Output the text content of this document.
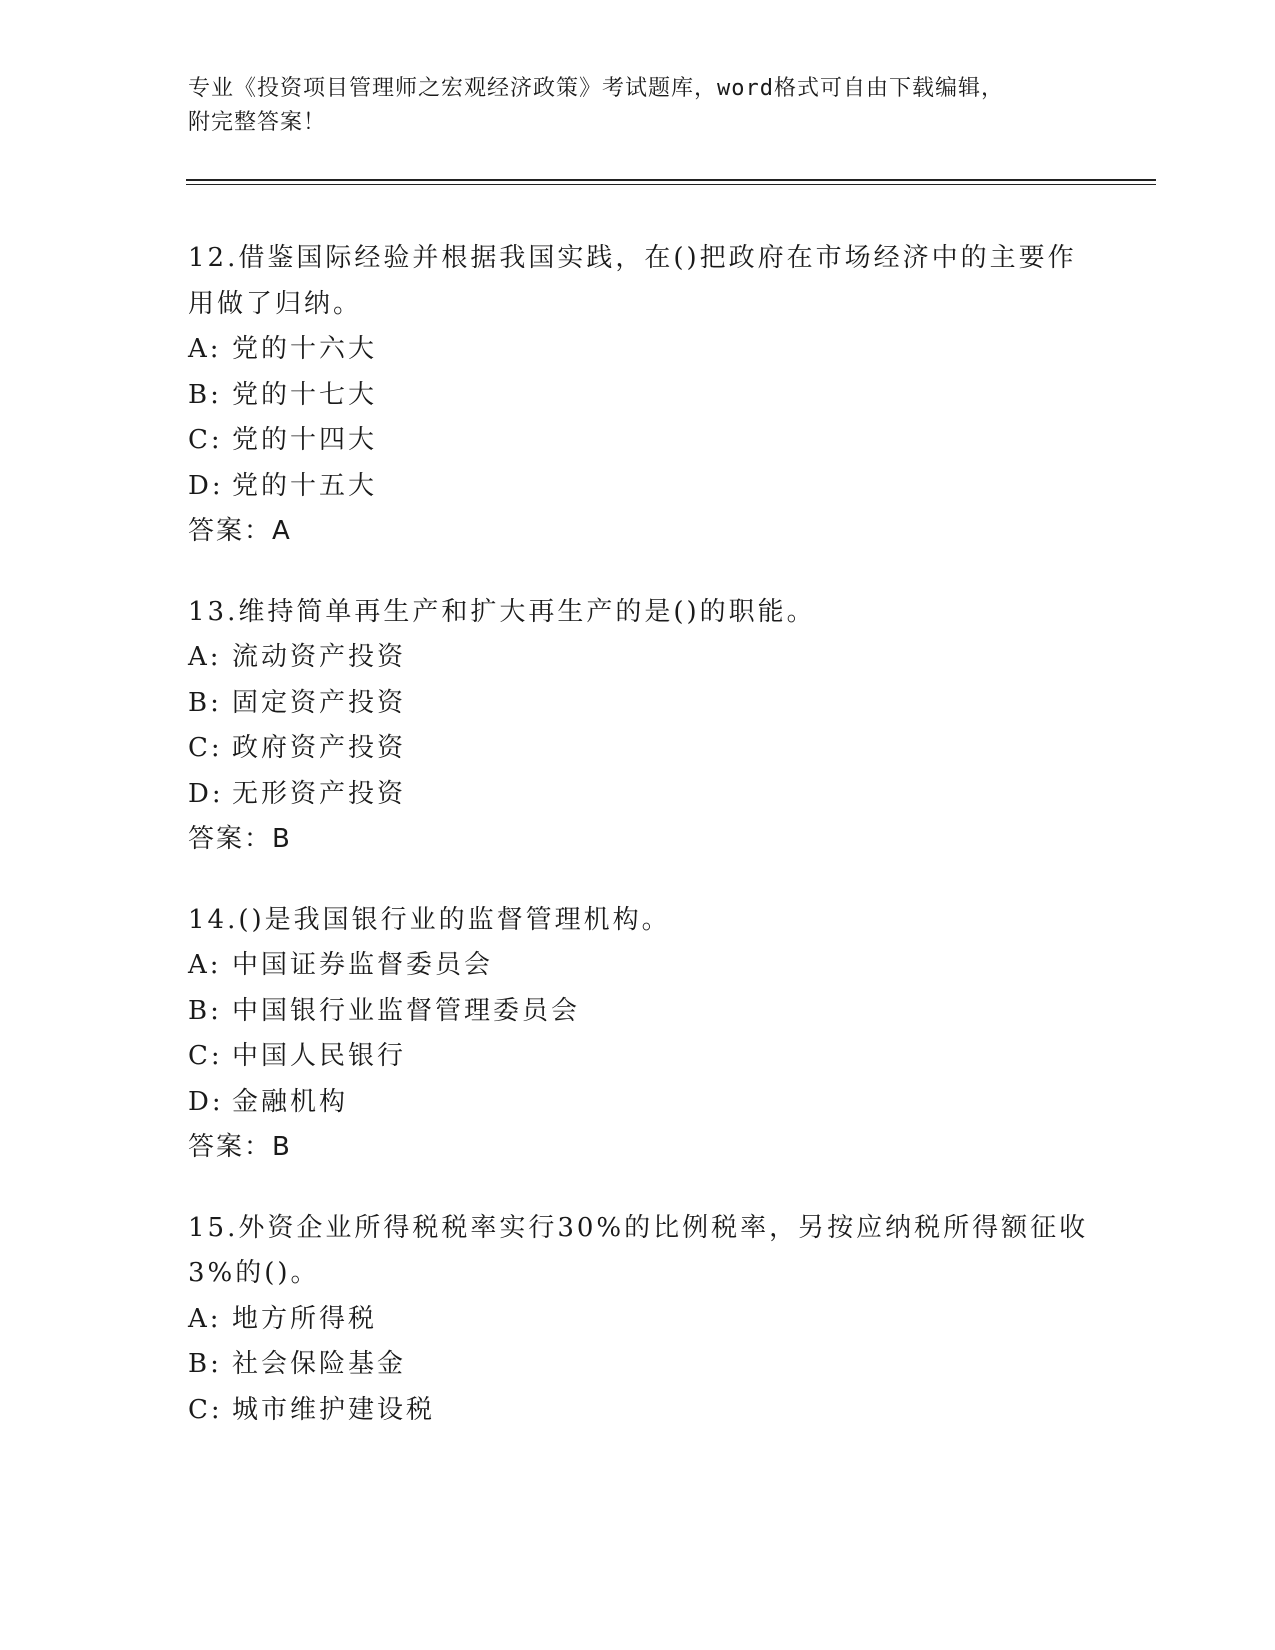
专业《投资项目管理师之宏观经济政策》考试题库，word格式可自由下载编辑，
附完整答案！
12.借鉴国际经验并根据我国实践，在()把政府在市场经济中的主要作
用做了归纳。
A: 党的十六大
B: 党的十七大
C: 党的十四大
D: 党的十五大
答案：A
13.维持简单再生产和扩大再生产的是()的职能。
A: 流动资产投资
B: 固定资产投资
C: 政府资产投资
D: 无形资产投资
答案：B
14.()是我国银行业的监督管理机构。
A: 中国证券监督委员会
B: 中国银行业监督管理委员会
C: 中国人民银行
D: 金融机构
答案：B
15.外资企业所得税税率实行30%的比例税率，另按应纳税所得额征收
3%的()。
A: 地方所得税
B: 社会保险基金
C: 城市维护建设税
